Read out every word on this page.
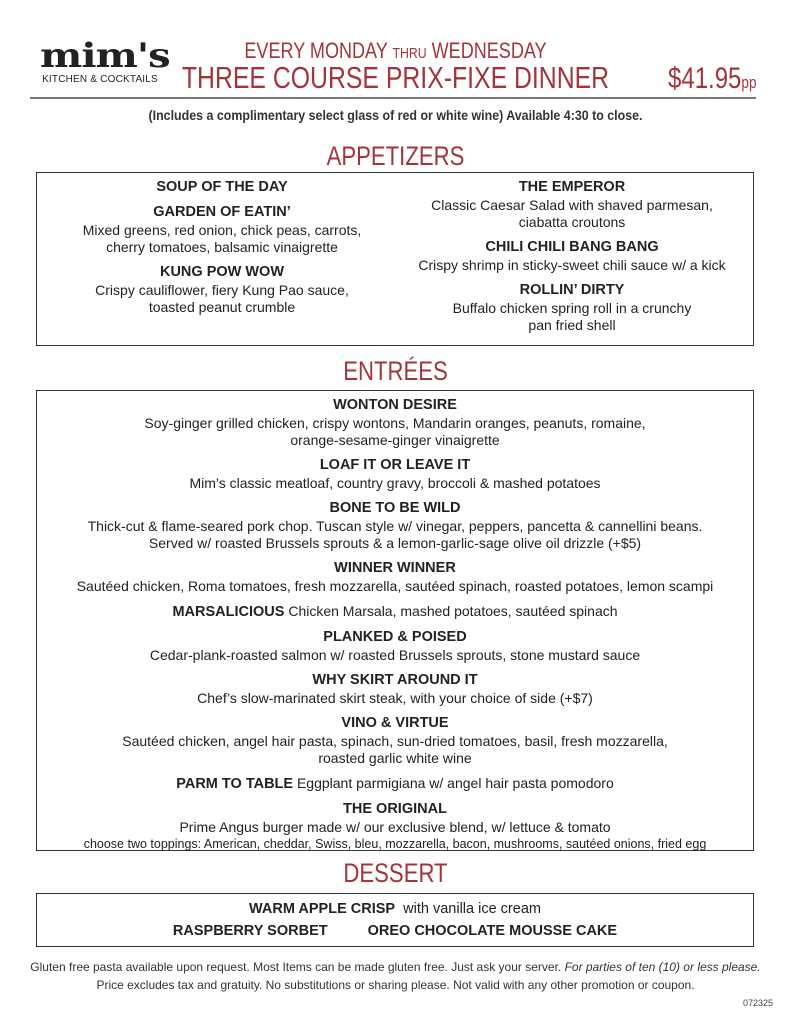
mim's
KITCHEN & COCKTAILS
EVERY MONDAY THRU WEDNESDAY
THREE COURSE PRIX-FIXE DINNER	$41.95pp
(Includes a complimentary select glass of red or white wine) Available 4:30 to close.
APPETIZERS
SOUP OF THE DAY
GARDEN OF EATIN’
Mixed greens, red onion, chick peas, carrots,
cherry tomatoes, balsamic vinaigrette
KUNG POW WOW
Crispy cauliflower, fiery Kung Pao sauce,
toasted peanut crumble
THE EMPEROR
Classic Caesar Salad with shaved parmesan,
ciabatta croutons
CHILI CHILI BANG BANG
Crispy shrimp in sticky-sweet chili sauce w/ a kick
ROLLIN’ DIRTY
Buffalo chicken spring roll in a crunchy
pan fried shell
ENTRÉES
WONTON DESIRE
Soy-ginger grilled chicken, crispy wontons, Mandarin oranges, peanuts, romaine,
orange-sesame-ginger vinaigrette
LOAF IT OR LEAVE IT
Mim’s classic meatloaf, country gravy, broccoli & mashed potatoes
BONE TO BE WILD
Thick-cut & flame-seared pork chop. Tuscan style w/ vinegar, peppers, pancetta & cannellini beans.
Served w/ roasted Brussels sprouts & a lemon-garlic-sage olive oil drizzle (+$5)
WINNER WINNER
Sautéed chicken, Roma tomatoes, fresh mozzarella, sautéed spinach, roasted potatoes, lemon scampi
MARSALICIOUS Chicken Marsala, mashed potatoes, sautéed spinach
PLANKED & POISED
Cedar-plank-roasted salmon w/ roasted Brussels sprouts, stone mustard sauce
WHY SKIRT AROUND IT
Chef’s slow-marinated skirt steak, with your choice of side (+$7)
VINO & VIRTUE
Sautéed chicken, angel hair pasta, spinach, sun-dried tomatoes, basil, fresh mozzarella,
roasted garlic white wine
PARM TO TABLE Eggplant parmigiana w/ angel hair pasta pomodoro
THE ORIGINAL
Prime Angus burger made w/ our exclusive blend, w/ lettuce & tomato
choose two toppings: American, cheddar, Swiss, bleu, mozzarella, bacon, mushrooms, sautéed onions, fried egg
DESSERT
WARM APPLE CRISP with vanilla ice cream
RASPBERRY SORBET	OREO CHOCOLATE MOUSSE CAKE
Gluten free pasta available upon request. Most Items can be made gluten free. Just ask your server. For parties of ten (10) or less please.
Price excludes tax and gratuity. No substitutions or sharing please. Not valid with any other promotion or coupon.
072325
